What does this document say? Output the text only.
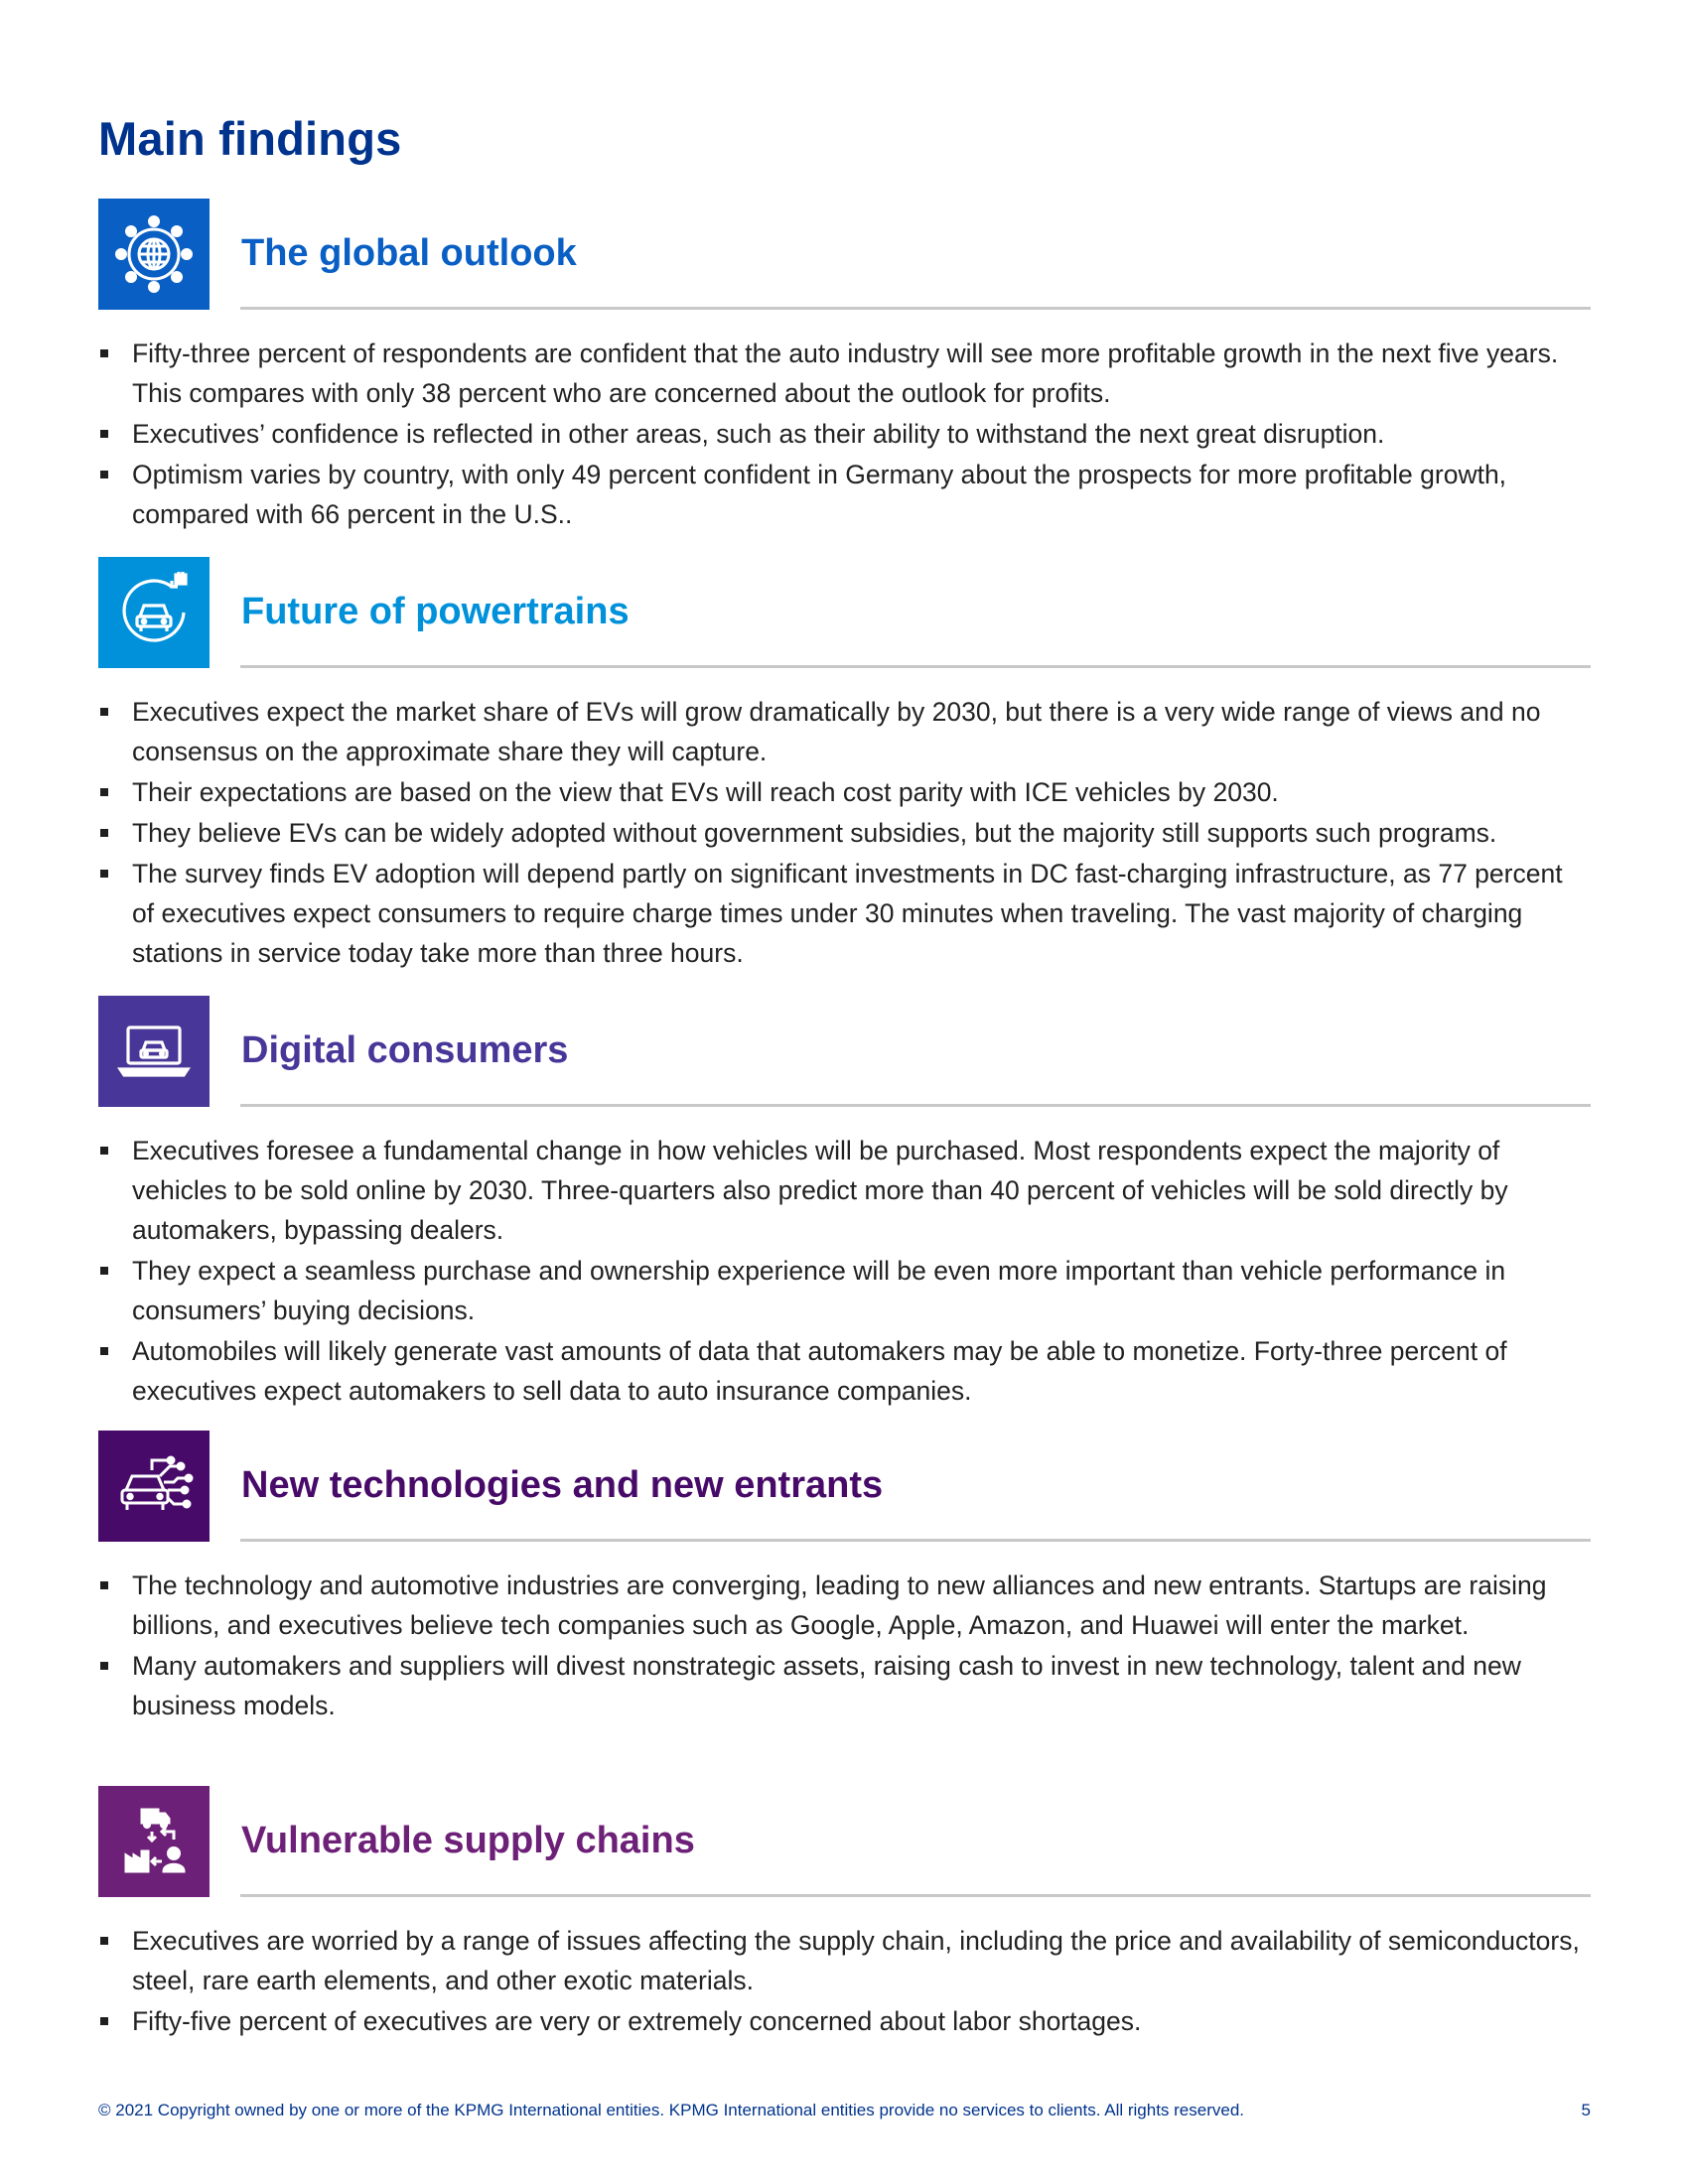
Main findings
The global outlook
Fifty-three percent of respondents are confident that the auto industry will see more profitable growth in the next five years. This compares with only 38 percent who are concerned about the outlook for profits.
Executives’ confidence is reflected in other areas, such as their ability to withstand the next great disruption.
Optimism varies by country, with only 49 percent confident in Germany about the prospects for more profitable growth, compared with 66 percent in the U.S..
Future of powertrains
Executives expect the market share of EVs will grow dramatically by 2030, but there is a very wide range of views and no consensus on the approximate share they will capture.
Their expectations are based on the view that EVs will reach cost parity with ICE vehicles by 2030.
They believe EVs can be widely adopted without government subsidies, but the majority still supports such programs.
The survey finds EV adoption will depend partly on significant investments in DC fast-charging infrastructure, as 77 percent of executives expect consumers to require charge times under 30 minutes when traveling. The vast majority of charging stations in service today take more than three hours.
Digital consumers
Executives foresee a fundamental change in how vehicles will be purchased. Most respondents expect the majority of vehicles to be sold online by 2030. Three-quarters also predict more than 40 percent of vehicles will be sold directly by automakers, bypassing dealers.
They expect a seamless purchase and ownership experience will be even more important than vehicle performance in consumers’ buying decisions.
Automobiles will likely generate vast amounts of data that automakers may be able to monetize. Forty-three percent of executives expect automakers to sell data to auto insurance companies.
New technologies and new entrants
The technology and automotive industries are converging, leading to new alliances and new entrants. Startups are raising billions, and executives believe tech companies such as Google, Apple, Amazon, and Huawei will enter the market.
Many automakers and suppliers will divest nonstrategic assets, raising cash to invest in new technology, talent and new business models.
Vulnerable supply chains
Executives are worried by a range of issues affecting the supply chain, including the price and availability of semiconductors, steel, rare earth elements, and other exotic materials.
Fifty-five percent of executives are very or extremely concerned about labor shortages.
© 2021 Copyright owned by one or more of the KPMG International entities. KPMG International entities provide no services to clients. All rights reserved.	5
